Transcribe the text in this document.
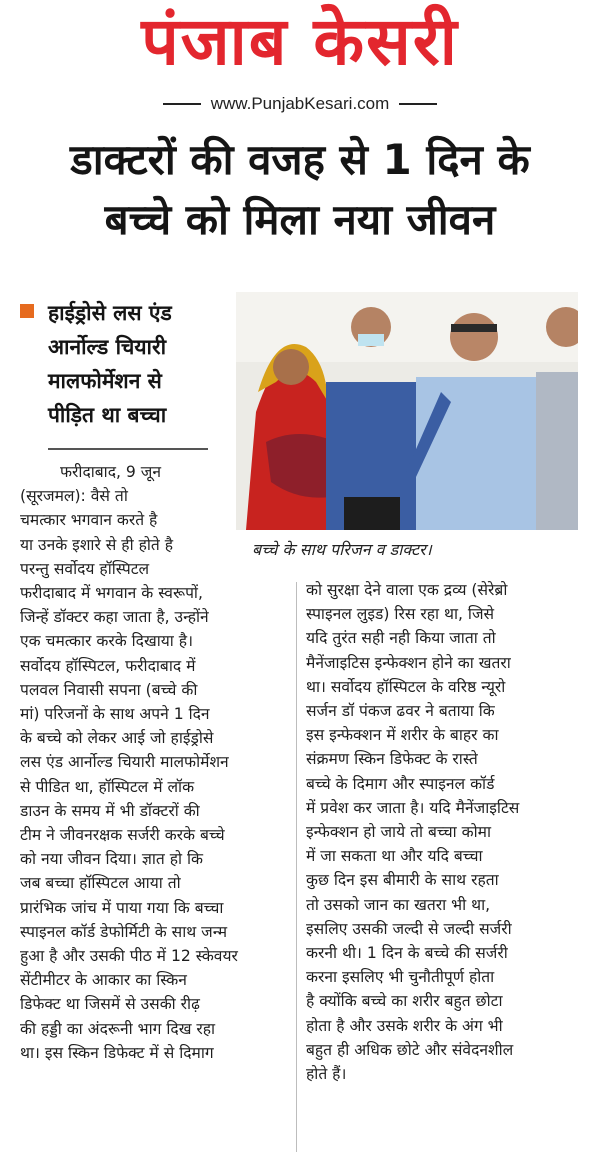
पंजाब केसरी
www.PunjabKesari.com
डाक्टरों की वजह से 1 दिन के
बच्चे को मिला नया जीवन
हाईड्रोसे लस एंड
आर्नोल्ड चियारी
मालफोर्मेशन से
पीड़ित था बच्चा
बच्चे के साथ परिजन व डाक्टर।
फरीदाबाद, 9 जून
(सूरजमल): वैसे तो
चमत्कार भगवान करते है
या उनके इशारे से ही होते है
परन्तु सर्वोदय हॉस्पिटल
फरीदाबाद में भगवान के स्वरूपों,
जिन्हें डॉक्टर कहा जाता है, उन्होंने
एक चमत्कार करके दिखाया है।
सर्वोदय हॉस्पिटल, फरीदाबाद में
पलवल निवासी सपना (बच्चे की
मां) परिजनों के साथ अपने 1 दिन
के बच्चे को लेकर आई जो हाईड्रोसे
लस एंड आर्नोल्ड चियारी मालफोर्मेशन
से पीडित था, हॉस्पिटल में लॉक
डाउन के समय में भी डॉक्टरों की
टीम ने जीवनरक्षक सर्जरी करके बच्चे
को नया जीवन दिया। ज्ञात हो कि
जब बच्चा हॉस्पिटल आया तो
प्रारंभिक जांच में पाया गया कि बच्चा
स्पाइनल कॉर्ड डेफोर्मिटी के साथ जन्म
हुआ है और उसकी पीठ में 12 स्केवयर
सेंटीमीटर के आकार का स्किन
डिफेक्ट था जिसमें से उसकी रीढ़
की हड्डी का अंदरूनी भाग दिख रहा
था। इस स्किन डिफेक्ट में से दिमाग
को सुरक्षा देने वाला एक द्रव्य (सेरेब्रो
स्पाइनल लुइड) रिस रहा था, जिसे
यदि तुरंत सही नही किया जाता तो
मैनेंजाइटिस इन्फेक्शन होने का खतरा
था। सर्वोदय हॉस्पिटल के वरिष्ठ न्यूरो
सर्जन डॉ पंकज ढवर ने बताया कि
इस इन्फेक्शन में शरीर के बाहर का
संक्रमण स्किन डिफेक्ट के रास्ते
बच्चे के दिमाग और स्पाइनल कॉर्ड
में प्रवेश कर जाता है। यदि मैनेंजाइटिस
इन्फेक्शन हो जाये तो बच्चा कोमा
में जा सकता था और यदि बच्चा
कुछ दिन इस बीमारी के साथ रहता
तो उसको जान का खतरा भी था,
इसलिए उसकी जल्दी से जल्दी सर्जरी
करनी थी। 1 दिन के बच्चे की सर्जरी
करना इसलिए भी चुनौतीपूर्ण होता
है क्योंकि बच्चे का शरीर बहुत छोटा
होता है और उसके शरीर के अंग भी
बहुत ही अधिक छोटे और संवेदनशील
होते हैं।
